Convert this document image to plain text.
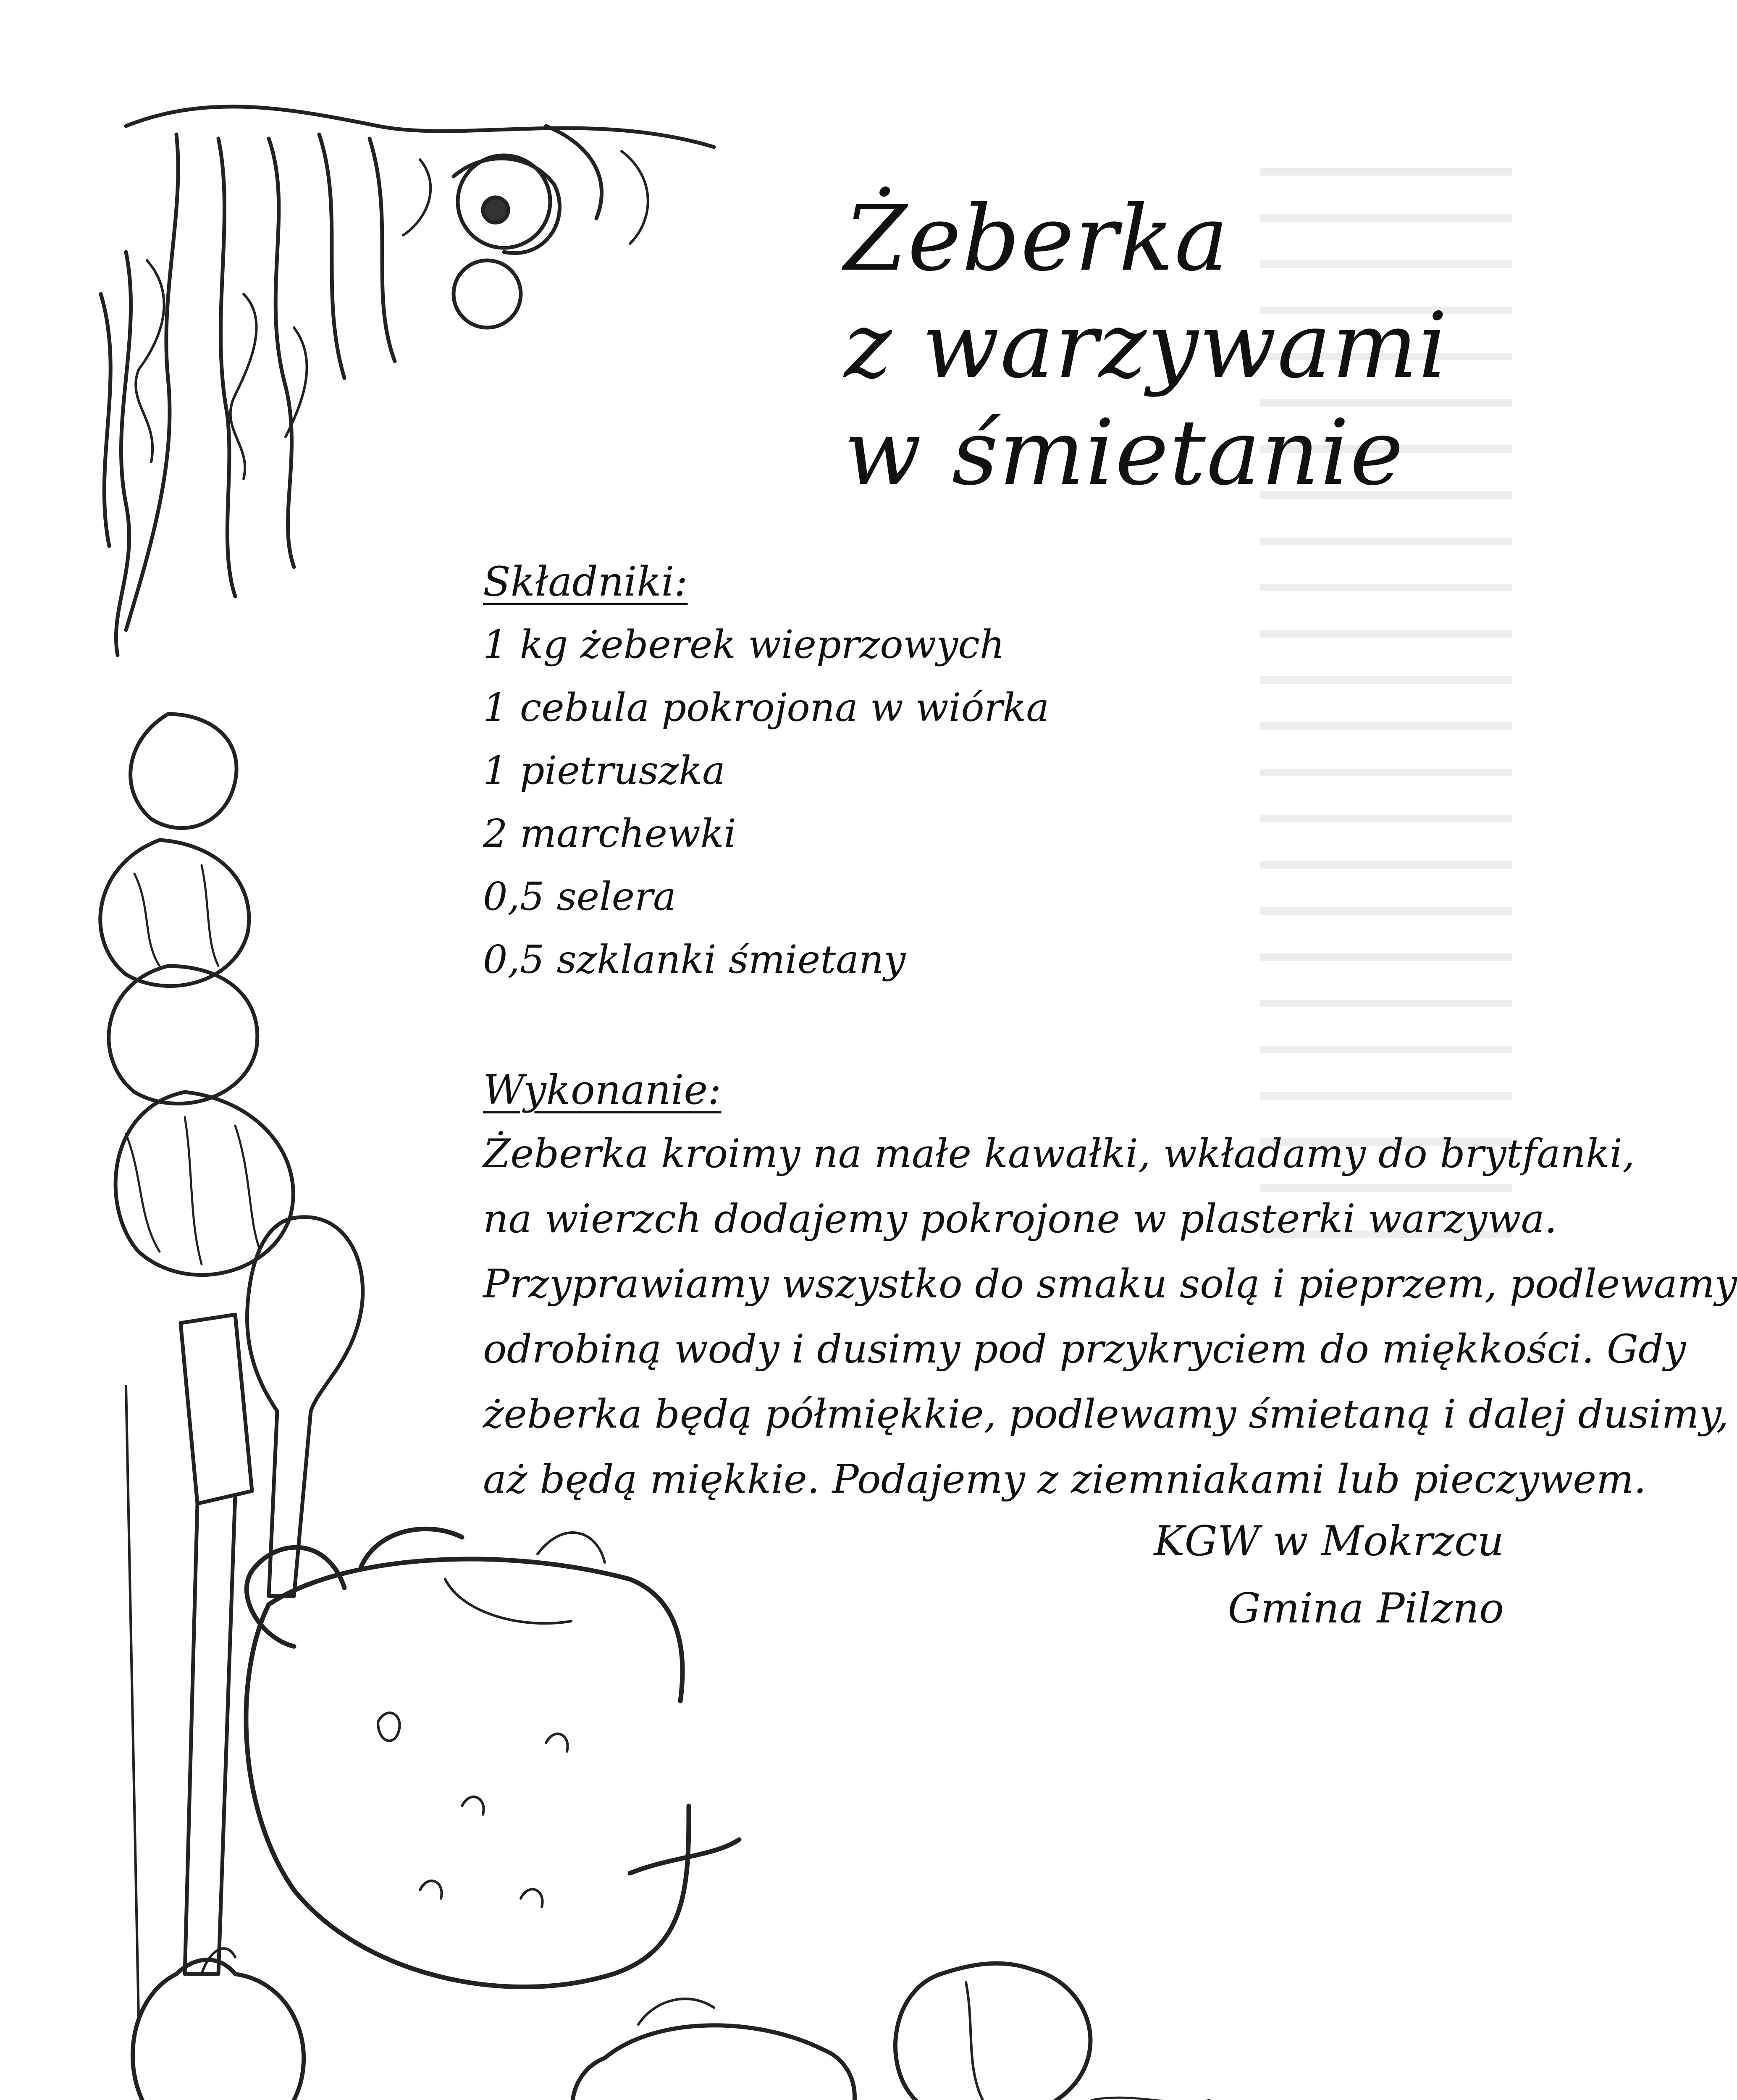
Żeberka
z warzywami
w śmietanie
Składniki:
1 kg żeberek wieprzowych
1 cebula pokrojona w wiórka
1 pietruszka
2 marchewki
0,5 selera
0,5 szklanki śmietany
Wykonanie:

Żeberka kroimy na małe kawałki, wkładamy do brytfanki,

na wierzch dodajemy pokrojone w plasterki warzywa.

Przyprawiamy wszystko do smaku solą i pieprzem, podlewamy

odrobiną wody i dusimy pod przykryciem do miękkości. Gdy

żeberka będą półmiękkie, podlewamy śmietaną i dalej dusimy,

aż będą miękkie. Podajemy z ziemniakami lub pieczywem.

KGW w Mokrzcu
Gmina Pilzno
